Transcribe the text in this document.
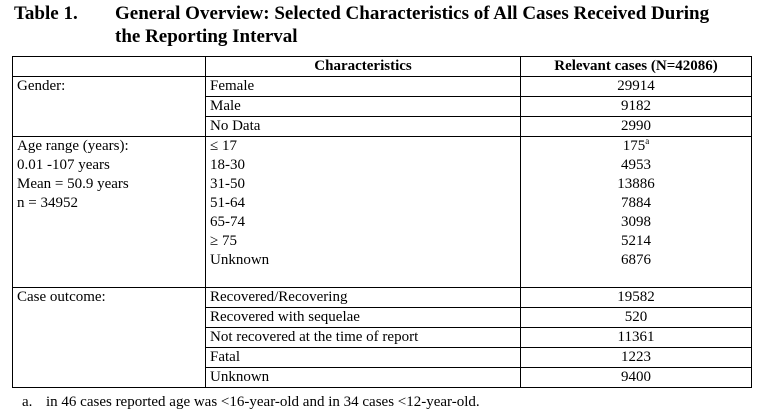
Table 1.	General Overview: Selected Characteristics of All Cases Received During
the Reporting Interval
	Characteristics	Relevant cases (N=42086)
Gender:	Female	29914
	Male	9182
	No Data	2990
Age range (years):	≤ 17	175$^a$
0.01 -107 years	18-30	4953
Mean = 50.9 years	31-50	13886
n = 34952	51-64	7884
	65-74	3098
	≥ 75	5214
	Unknown	6876

Case outcome:	Recovered/Recovering	19582
	Recovered with sequelae	520
	Not recovered at the time of report	11361
	Fatal	1223
	Unknown	9400
a. in 46 cases reported age was <16-year-old and in 34 cases <12-year-old.
